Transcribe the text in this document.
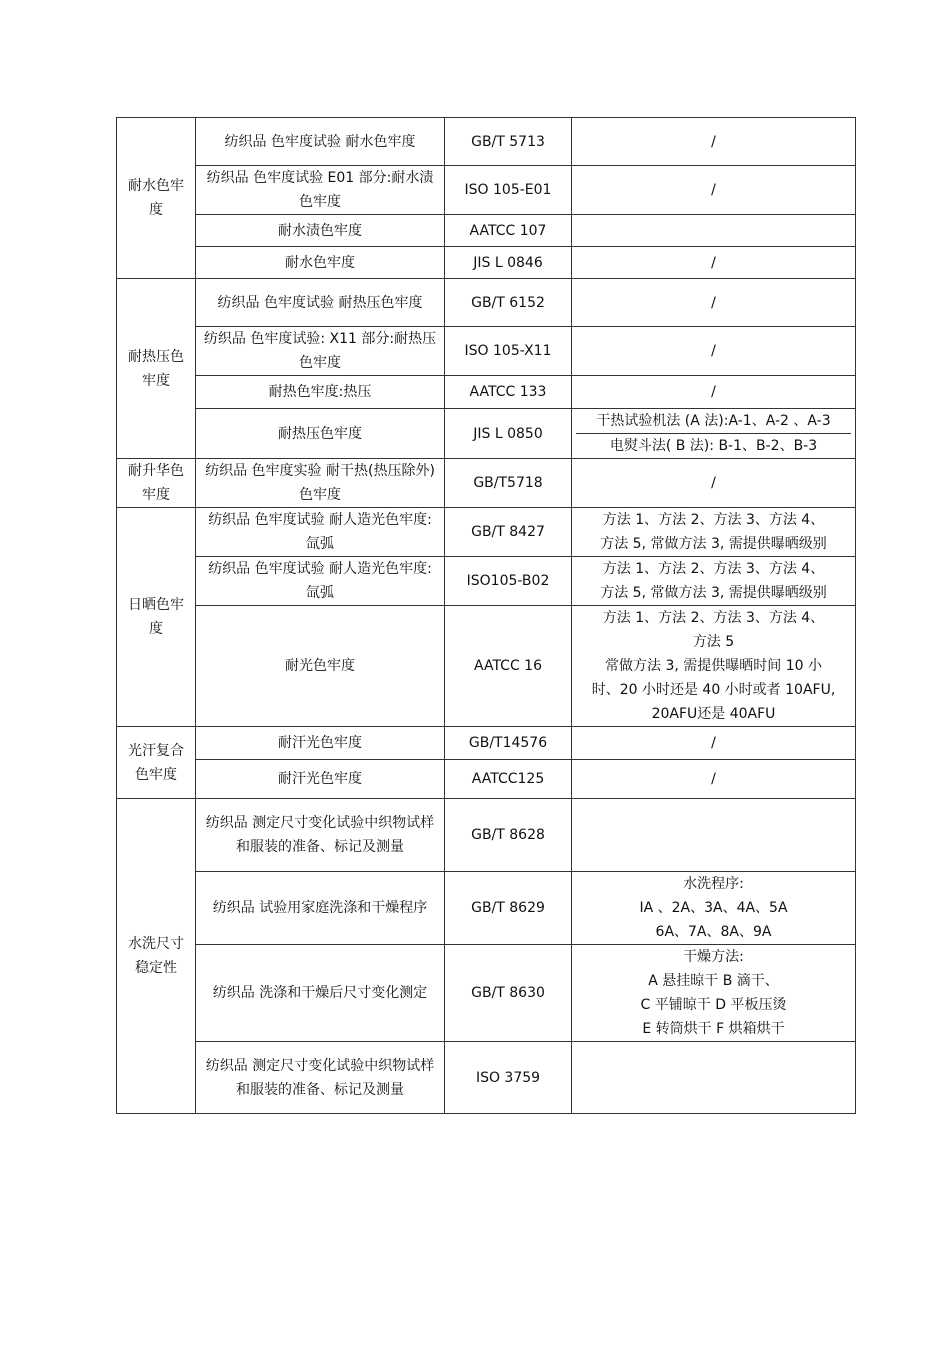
耐水色牢度	纺织品 色牢度试验 耐水色牢度	GB/T 5713	/
	纺织品 色牢度试验 E01 部分:耐水渍色牢度	ISO 105-E01	/
	耐水渍色牢度	AATCC 107	
	耐水色牢度	JIS L 0846	/
耐热压色牢度	纺织品 色牢度试验 耐热压色牢度	GB/T 6152	/
	纺织品 色牢度试验: X11 部分:耐热压色牢度	ISO 105-X11	/
	耐热色牢度:热压	AATCC 133	/
	耐热压色牢度	JIS L 0850	干热试验机法 (A 法):A-1、A-2 、A-3
电熨斗法( B 法): B-1、B-2、B-3

耐升华色牢度	纺织品 色牢度实验 耐干热(热压除外)色牢度	GB/T5718	/
日晒色牢度	纺织品 色牢度试验 耐人造光色牢度:氙弧	GB/T 8427	方法 1、方法 2、方法 3、方法 4、
方法 5, 常做方法 3, 需提供曝晒级别

	纺织品 色牢度试验 耐人造光色牢度:氙弧	ISO105-B02	方法 1、方法 2、方法 3、方法 4、
方法 5, 常做方法 3, 需提供曝晒级别

	耐光色牢度	AATCC 16	方法 1、方法 2、方法 3、方法 4、
方法 5
常做方法 3, 需提供曝晒时间 10 小
时、20 小时还是 40 小时或者 10AFU,
20AFU还是 40AFU

光汗复合色牢度	耐汗光色牢度	GB/T14576	/
	耐汗光色牢度	AATCC125	/
水洗尺寸稳定性	纺织品 测定尺寸变化试验中织物试样和服装的准备、标记及测量	GB/T 8628	
	纺织品 试验用家庭洗涤和干燥程序	GB/T 8629	水洗程序:
IA 、2A、3A、4A、5A
6A、7A、8A、9A

	纺织品 洗涤和干燥后尺寸变化测定	GB/T 8630	干燥方法:
A 悬挂晾干 B 滴干、
C 平铺晾干 D 平板压烫
E 转筒烘干 F 烘箱烘干

	纺织品 测定尺寸变化试验中织物试样和服装的准备、标记及测量	ISO 3759	
